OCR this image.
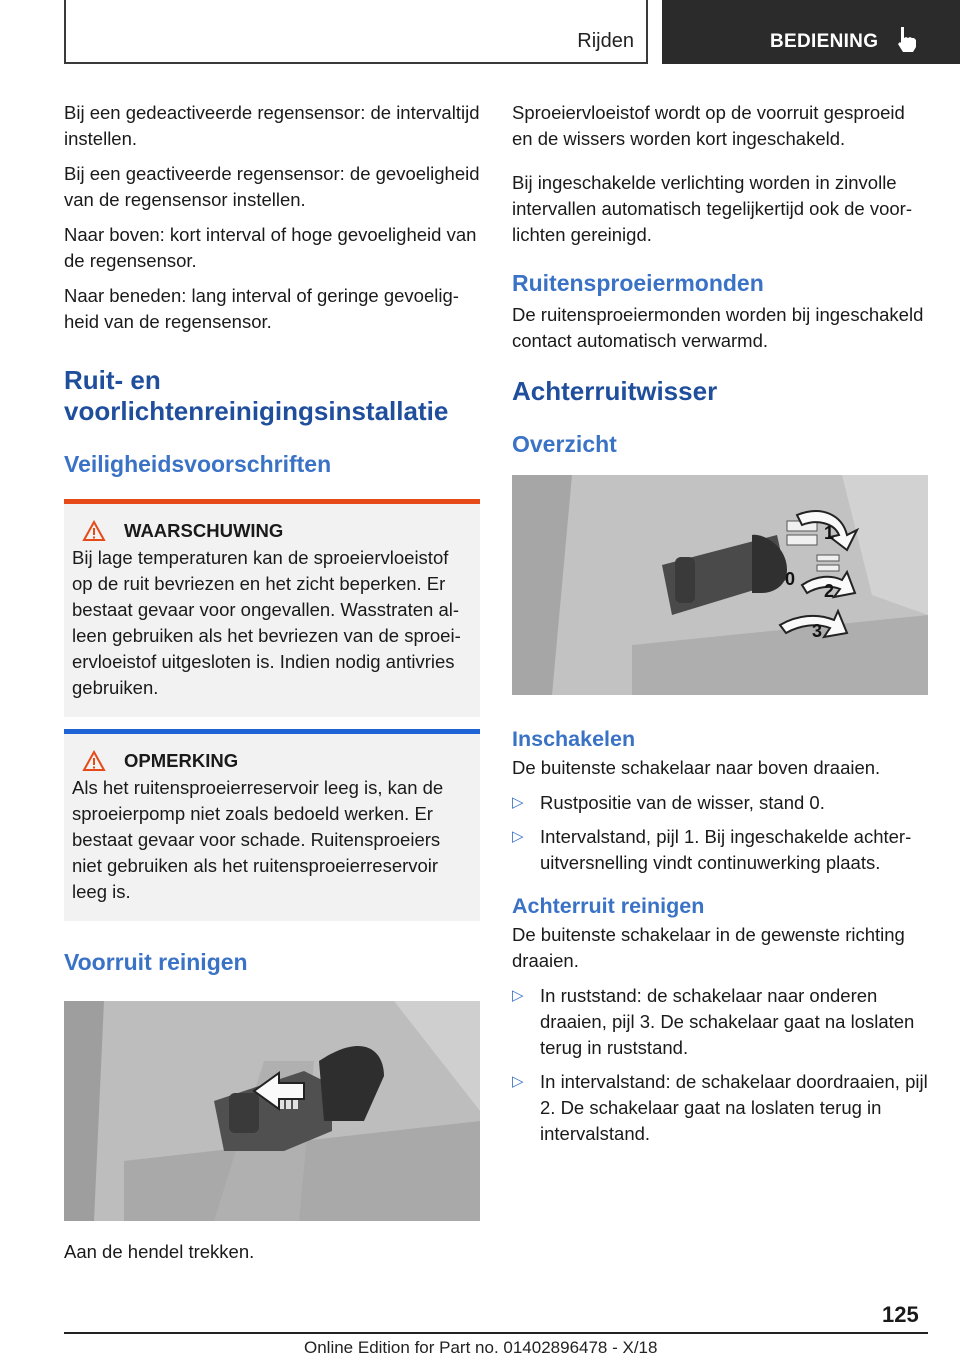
Rijden	BEDIENING

Bij een gedeactiveerde regensensor: de intervaltijd instellen.

Bij een geactiveerde regensensor: de gevoeligheid van de regensensor instellen.

Naar boven: kort interval of hoge gevoeligheid van de regensensor.

Naar beneden: lang interval of geringe gevoeligheid van de regensensor.

Ruit- en voorlichtenreinigingsinstallatie
Veiligheidsvoorschriften
WAARSCHUWING
Bij lage temperaturen kan de sproeiervloeistof op de ruit bevriezen en het zicht beperken. Er bestaat gevaar voor ongevallen. Wasstraten alleen gebruiken als het bevriezen van de sproeiervloeistof uitgesloten is. Indien nodig antivries gebruiken.
OPMERKING
Als het ruitensproeierreservoir leeg is, kan de sproeierpomp niet zoals bedoeld werken. Er bestaat gevaar voor schade. Ruitensproeiers niet gebruiken als het ruitensproeierreservoir leeg is.
Voorruit reinigen

Aan de hendel trekken.

Sproeiervloeistof wordt op de voorruit gesproeid en de wissers worden kort ingeschakeld.

Bij ingeschakelde verlichting worden in zinvolle intervallen automatisch tegelijkertijd ook de voorlichten gereinigd.

Ruitensproeiermonden

De ruitensproeiermonden worden bij ingeschakeld contact automatisch verwarmd.

Achterruitwisser
Overzicht
1
0
2
3
Inschakelen

De buitenste schakelaar naar boven draaien.

▷ Rustpositie van de wisser, stand 0.
▷ Intervalstand, pijl 1. Bij ingeschakelde achteruitversnelling vindt continuwerking plaats.
Achterruit reinigen

De buitenste schakelaar in de gewenste richting draaien.

▷ In ruststand: de schakelaar naar onderen draaien, pijl 3. De schakelaar gaat na loslaten terug in ruststand.
▷ In intervalstand: de schakelaar doordraaien, pijl 2. De schakelaar gaat na loslaten terug in intervalstand.
125
Online Edition for Part no. 01402896478 - X/18
